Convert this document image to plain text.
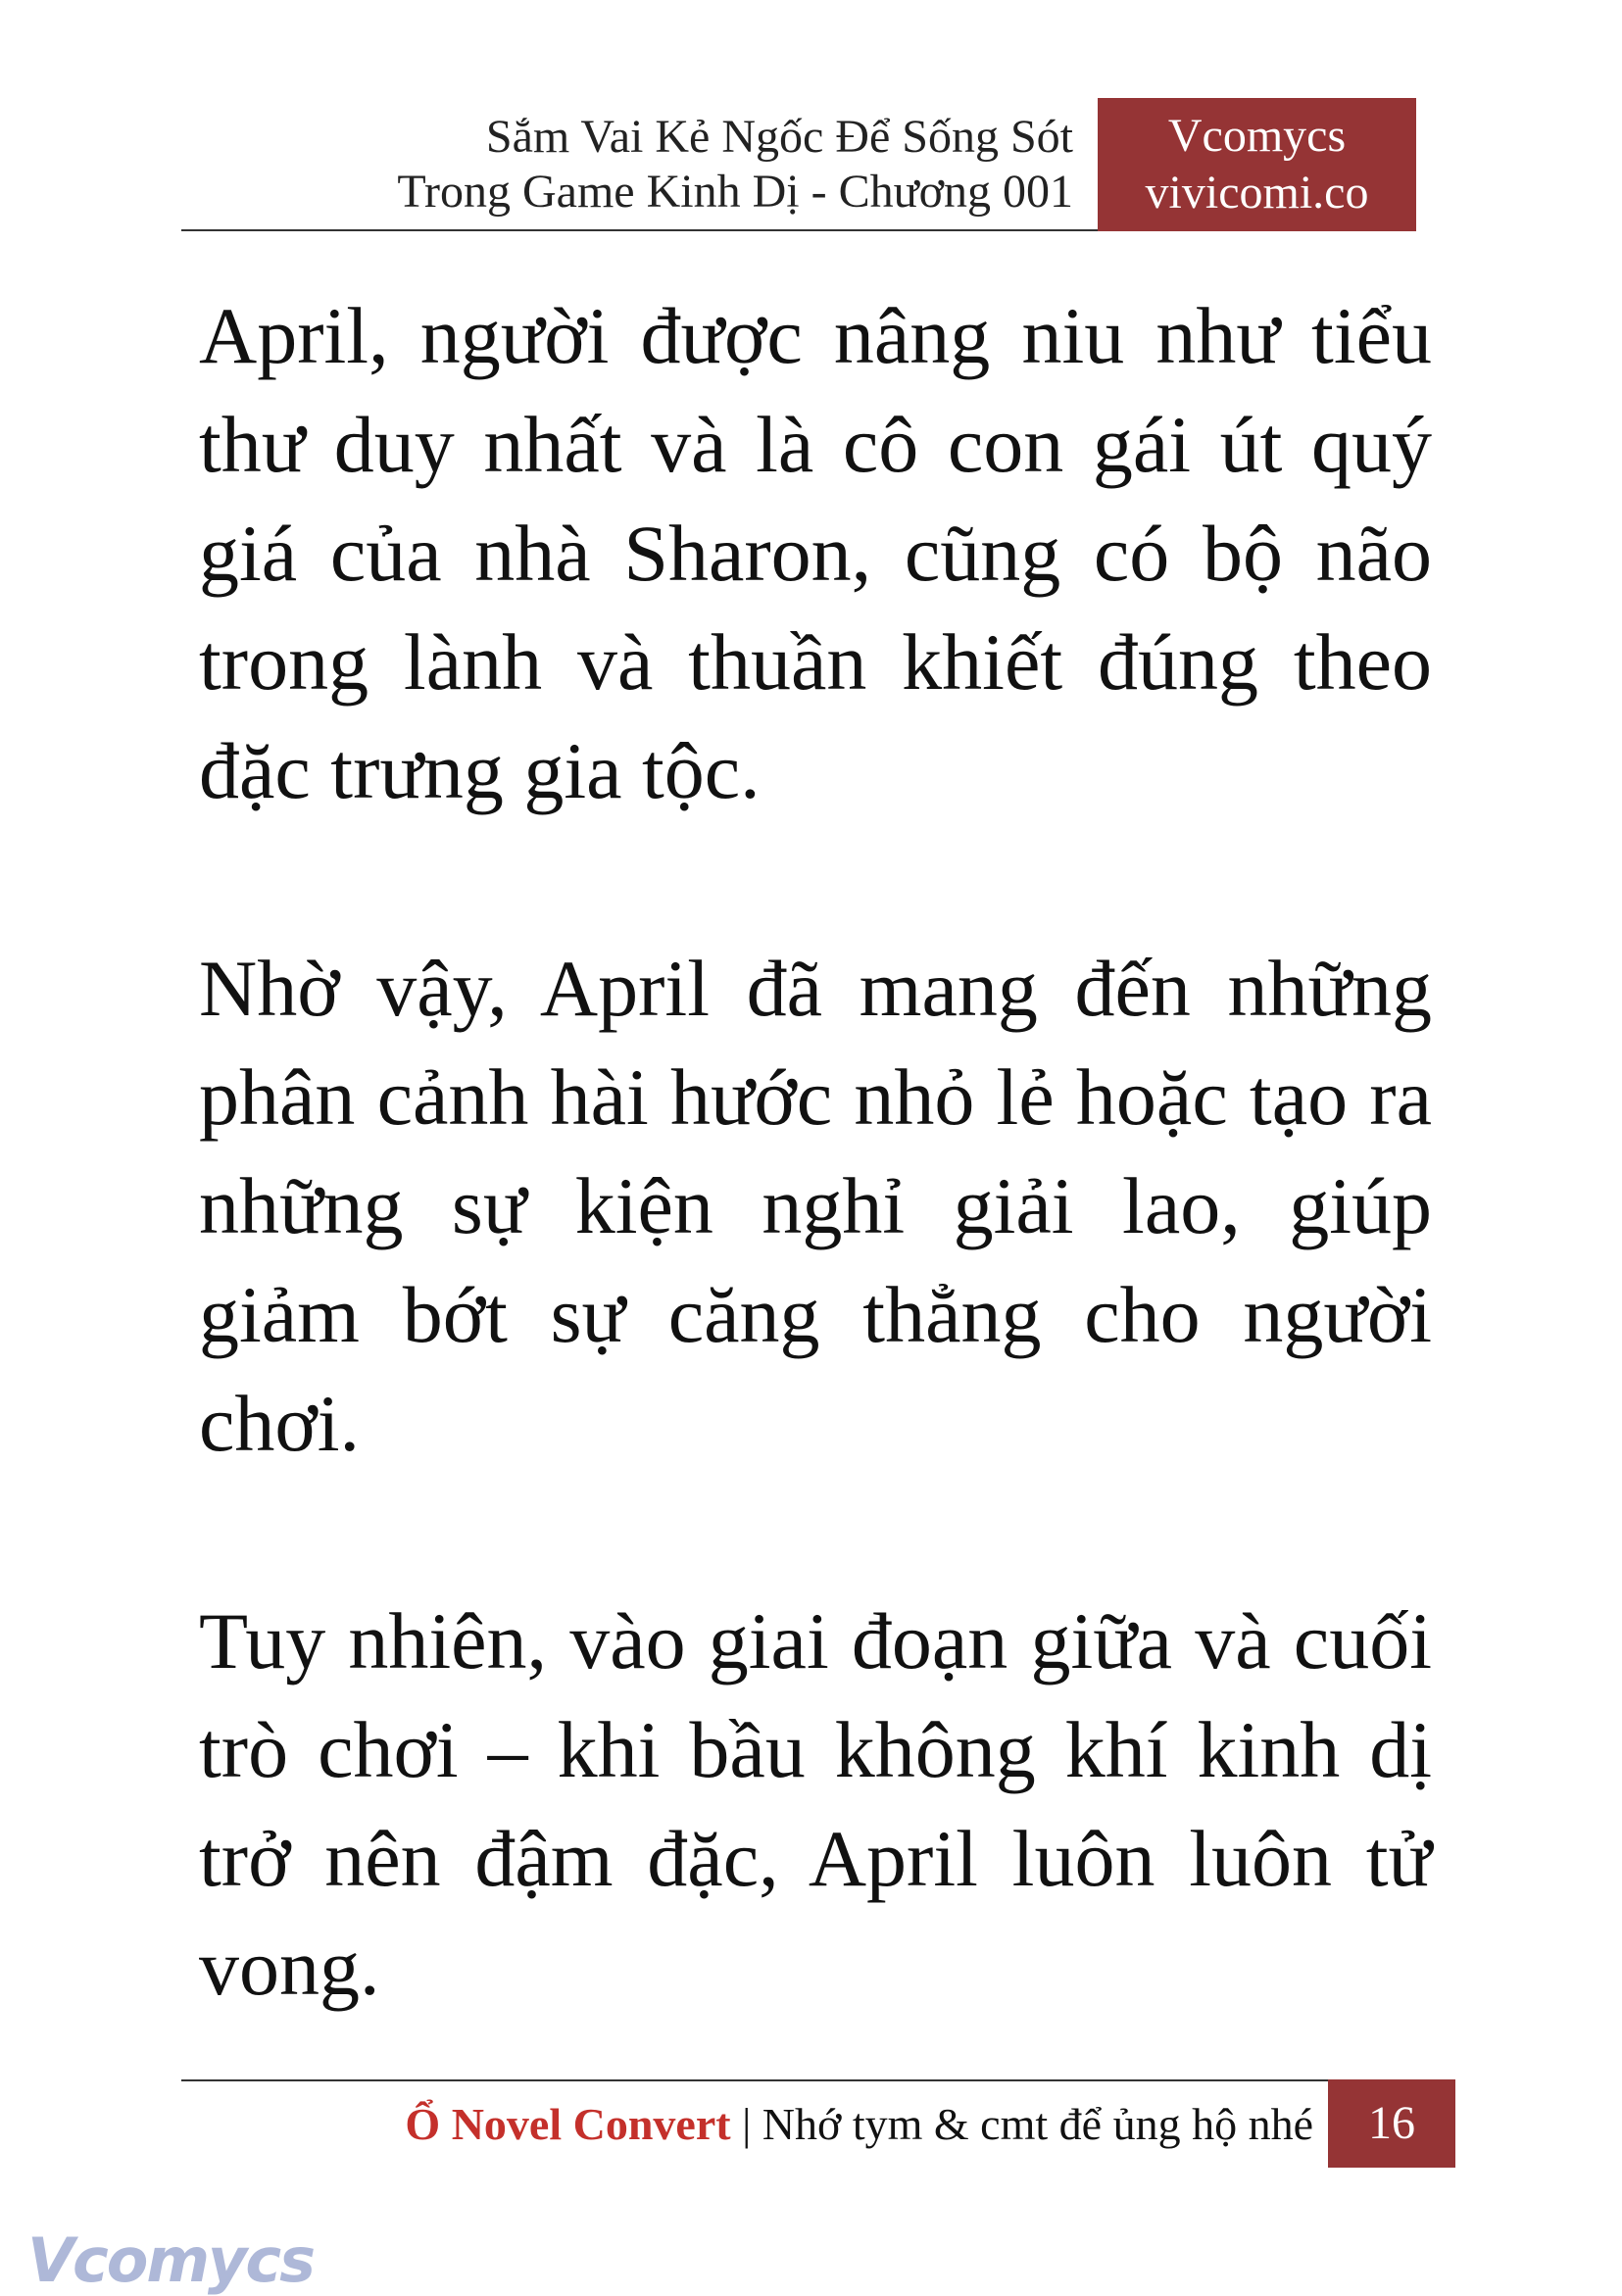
Sắm Vai Kẻ Ngốc Để Sống Sót
Trong Game Kinh Dị - Chương 001
Vcomycs
vivicomi.co

April, người được nâng niu như tiểu thư duy nhất và là cô con gái út quý giá của nhà Sharon, cũng có bộ não trong lành và thuần khiết đúng theo đặc trưng gia tộc.

Nhờ vậy, April đã mang đến những phân cảnh hài hước nhỏ lẻ hoặc tạo ra những sự kiện nghỉ giải lao, giúp giảm bớt sự căng thẳng cho người chơi.

Tuy nhiên, vào giai đoạn giữa và cuối trò chơi – khi bầu không khí kinh dị trở nên đậm đặc, April luôn luôn tử vong.

Ổ Novel Convert | Nhớ tym & cmt để ủng hộ nhé	16
Vcomycs
